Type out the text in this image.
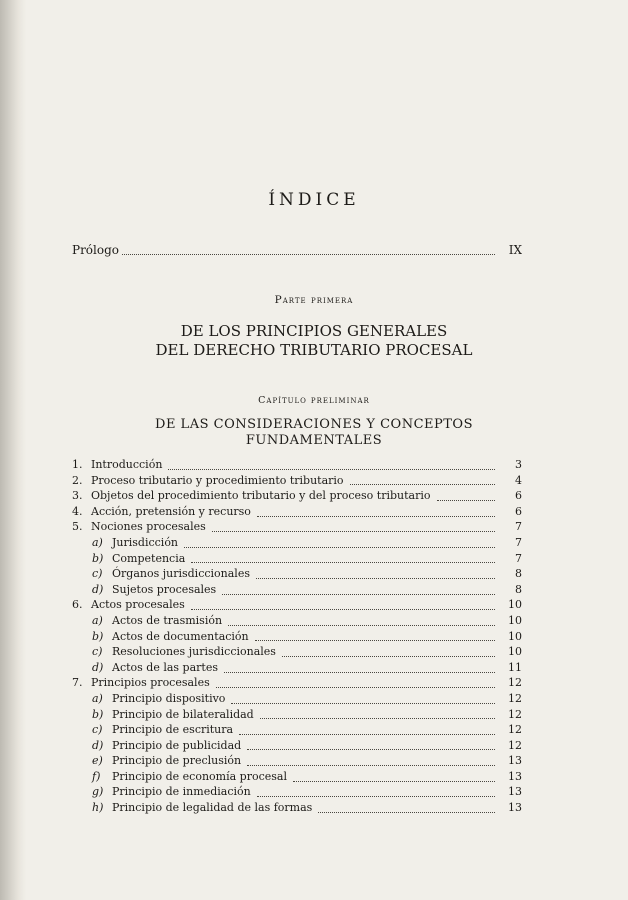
ÍNDICE
Prólogo	IX
Parte primera
DE LOS PRINCIPIOS GENERALES
DEL DERECHO TRIBUTARIO PROCESAL
Capítulo preliminar
DE LAS CONSIDERACIONES Y CONCEPTOS
FUNDAMENTALES
1. Introducción	3
2. Proceso tributario y procedimiento tributario	4
3. Objetos del procedimiento tributario y del proceso tributario	6
4. Acción, pretensión y recurso	6
5. Nociones procesales	7
a) Jurisdicción	7
b) Competencia	7
c) Órganos jurisdiccionales	8
d) Sujetos procesales	8
6. Actos procesales	10
a) Actos de trasmisión	10
b) Actos de documentación	10
c) Resoluciones jurisdiccionales	10
d) Actos de las partes	11
7. Principios procesales	12
a) Principio dispositivo	12
b) Principio de bilateralidad	12
c) Principio de escritura	12
d) Principio de publicidad	12
e) Principio de preclusión	13
f)	Principio de economía procesal	13
g) Principio de inmediación	13
h) Principio de legalidad de las formas	13
